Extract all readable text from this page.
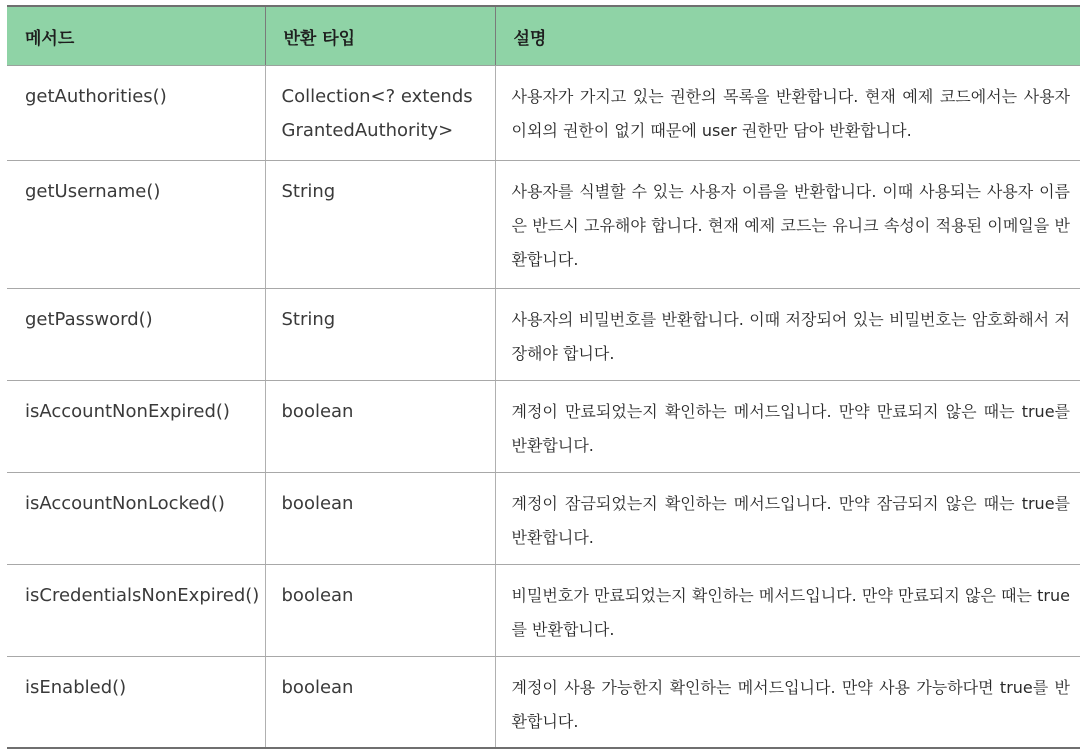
메서드	반환 타입	설명
getAuthorities()	Collection<? extends GrantedAuthority>	사용자가 가지고 있는 권한의 목록을 반환합니다. 현재 예제 코드에서는 사용자 이외의 권한이 없기 때문에 user 권한만 담아 반환합니다.
getUsername()	String	사용자를 식별할 수 있는 사용자 이름을 반환합니다. 이때 사용되는 사용자 이름은 반드시 고유해야 합니다. 현재 예제 코드는 유니크 속성이 적용된 이메일을 반환합니다.
getPassword()	String	사용자의 비밀번호를 반환합니다. 이때 저장되어 있는 비밀번호는 암호화해서 저장해야 합니다.
isAccountNonExpired()	boolean	계정이 만료되었는지 확인하는 메서드입니다. 만약 만료되지 않은 때는 true를 반환합니다.
isAccountNonLocked()	boolean	계정이 잠금되었는지 확인하는 메서드입니다. 만약 잠금되지 않은 때는 true를 반환합니다.
isCredentialsNonExpired()	boolean	비밀번호가 만료되었는지 확인하는 메서드입니다. 만약 만료되지 않은 때는 true를 반환합니다.
isEnabled()	boolean	계정이 사용 가능한지 확인하는 메서드입니다. 만약 사용 가능하다면 true를 반환합니다.
